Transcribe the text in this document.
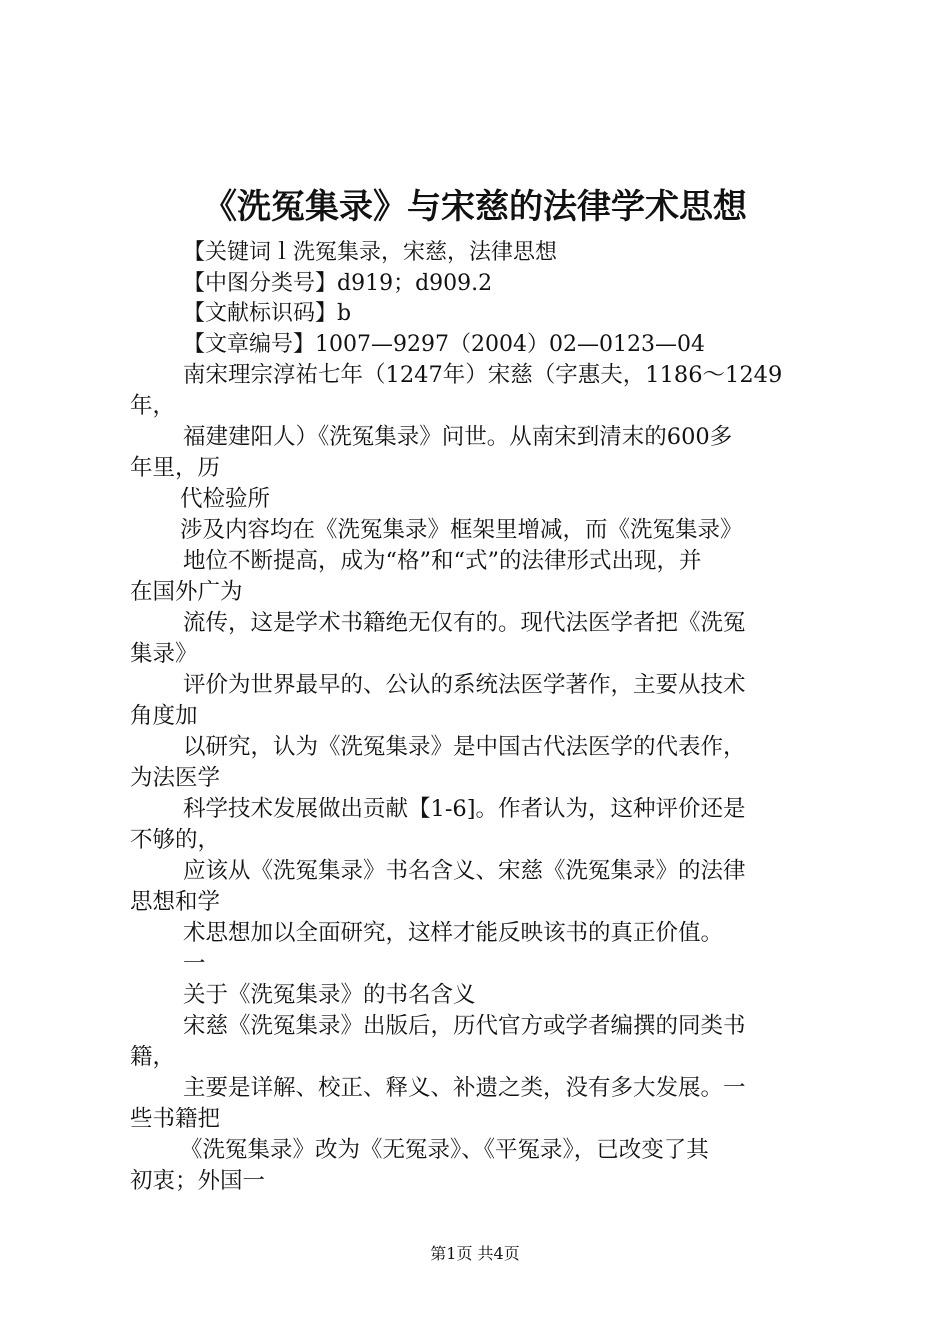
《洗冤集录》与宋慈的法律学术思想
【关键词ｌ洗冤集录，宋慈，法律思想
【中图分类号】d919；d909.2
【文献标识码】b
【文章编号】1007—9297（2004）02—0123—04
南宋理宗淳祐七年（1247年）宋慈（字惠夫，1186～1249
年，
福建建阳人）《洗冤集录》问世。从南宋到清末的600多
年里，历
代检验所
涉及内容均在《洗冤集录》框架里增减，而《洗冤集录》
地位不断提高，成为“格”和“式”的法律形式出现，并
在国外广为
流传，这是学术书籍绝无仅有的。现代法医学者把《洗冤
集录》
评价为世界最早的、公认的系统法医学著作，主要从技术
角度加
以研究，认为《洗冤集录》是中国古代法医学的代表作，
为法医学
科学技术发展做出贡献【1-6]。作者认为，这种评价还是
不够的，
应该从《洗冤集录》书名含义、宋慈《洗冤集录》的法律
思想和学
术思想加以全面研究，这样才能反映该书的真正价值。
一
关于《洗冤集录》的书名含义
宋慈《洗冤集录》出版后，历代官方或学者编撰的同类书
籍，
主要是详解、校正、释义、补遗之类，没有多大发展。一
些书籍把
《洗冤集录》改为《无冤录》、《平冤录》，已改变了其
初衷；外国一
第1页 共4页
